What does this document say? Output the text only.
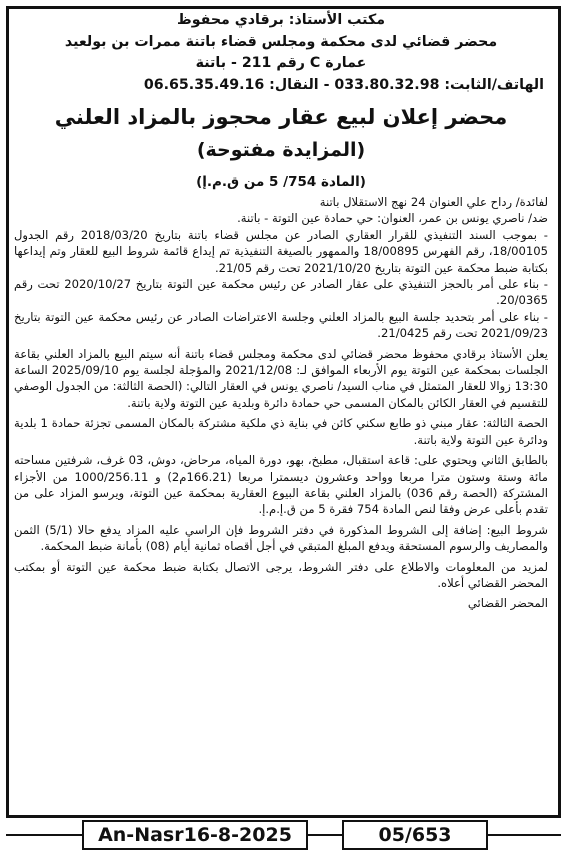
مكتب الأستاذ: برقادي محفوظ
محضر قضائي لدى محكمة ومجلس قضاء باتنة ممرات بن بولعيد
عمارة C رقم 211 - باتنة
الهاتف/الثابت: 033.80.32.98 - النقال: 06.65.35.49.16
محضر إعلان لبيع عقار محجوز بالمزاد العلني
(المزايدة مفتوحة)
(المادة 754/ 5 من ق.م.إ)

لفائدة/ رداح علي العنوان 24 نهج الاستقلال باتنة

ضد/ ناصري يونس بن عمر، العنوان: حي حمادة عين التوتة - باتنة.

- بموجب السند التنفيذي للقرار العقاري الصادر عن مجلس قضاء باتنة بتاريخ 2018/03/20 رقم الجدول 18/00105، رقم الفهرس 18/00895 والممهور بالصيغة التنفيذية تم إيداع قائمة شروط البيع للعقار وتم إيداعها بكتابة ضبط محكمة عين التوتة بتاريخ 2021/10/20 تحت رقم 21/05.

- بناء على أمر بالحجز التنفيذي على عقار الصادر عن رئيس محكمة عين التوتة بتاريخ 2020/10/27 تحت رقم 20/0365.

- بناء على أمر بتحديد جلسة البيع بالمزاد العلني وجلسة الاعتراضات الصادر عن رئيس محكمة عين التوتة بتاريخ 2021/09/23 تحت رقم 21/0425.

يعلن الأستاذ برقادي محفوظ محضر قضائي لدى محكمة ومجلس قضاء باتنة أنه سيتم البيع بالمزاد العلني بقاعة الجلسات بمحكمة عين التوتة يوم الأربعاء الموافق لـ: 2021/12/08 والمؤجلة لجلسة يوم 2025/09/10 الساعة 13:30 زوالا للعقار المتمثل في مناب السيد/ ناصري يونس في العقار التالي: (الحصة الثالثة: من الجدول الوصفي للتقسيم في العقار الكائن بالمكان المسمى حي حمادة دائرة وبلدية عين التوتة ولاية باتنة.

الحصة الثالثة: عقار مبني ذو طابع سكني كائن في بناية ذي ملكية مشتركة بالمكان المسمى تجزئة حمادة 1 بلدية ودائرة عين التوتة ولاية باتنة.

بالطابق الثاني ويحتوي على: قاعة استقبال، مطبخ، بهو، دورة المياه، مرحاض، دوش، 03 غرف، شرفتين مساحته مائة وستة وستون مترا مربعا وواحد وعشرون ديسمترا مربعا (166.21م2) و 1000/256.11 من الأجزاء المشتركة (الحصة رقم 036) بالمزاد العلني بقاعة البيوع العقارية بمحكمة عين التوتة، ويرسو المزاد على من تقدم بأعلى عرض وفقا لنص المادة 754 فقرة 5 من ق.إ.م.إ.

شروط البيع: إضافة إلى الشروط المذكورة في دفتر الشروط فإن الراسي عليه المزاد يدفع حالا (5/1) الثمن والمصاريف والرسوم المستحقة ويدفع المبلغ المتبقي في أجل أقصاه ثمانية أيام (08) بأمانة ضبط المحكمة.

لمزيد من المعلومات والاطلاع على دفتر الشروط، يرجى الاتصال بكتابة ضبط محكمة عين التوتة أو بمكتب المحضر القضائي أعلاه.

المحضر القضائي

An-Nasr16-8-2025	05/653
